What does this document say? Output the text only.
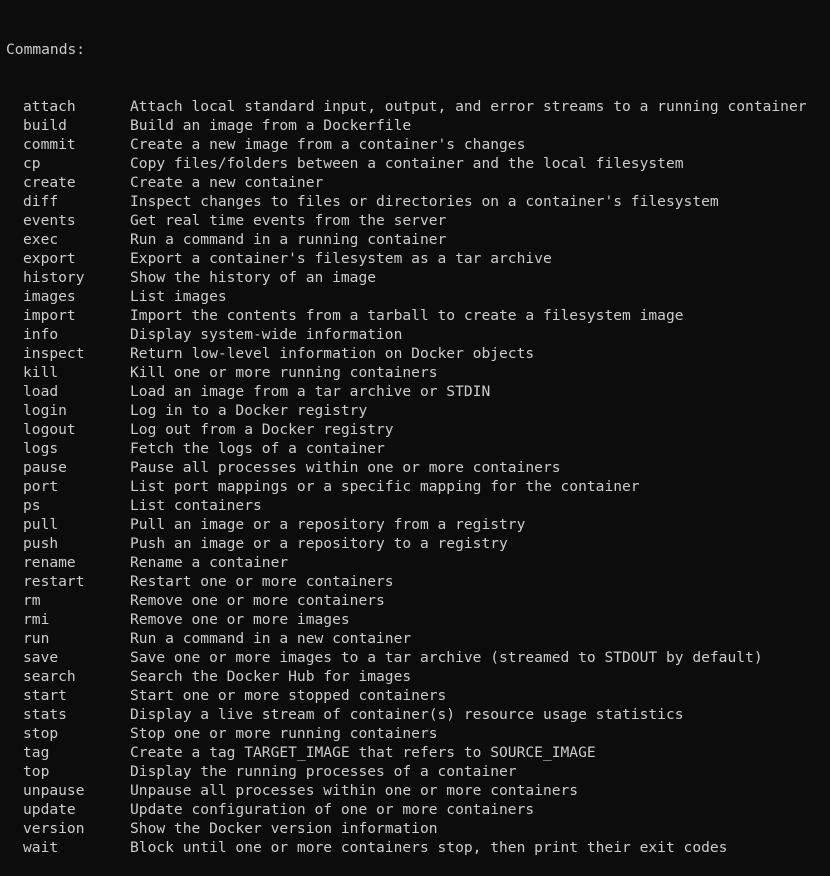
Commands:

attach	Attach local standard input, output, and error streams to a running container
build	Build an image from a Dockerfile
commit	Create a new image from a container's changes
cp	Copy files/folders between a container and the local filesystem
create	Create a new container
diff	Inspect changes to files or directories on a container's filesystem
events	Get real time events from the server
exec	Run a command in a running container
export	Export a container's filesystem as a tar archive
history	Show the history of an image
images	List images
import	Import the contents from a tarball to create a filesystem image
info	Display system-wide information
inspect	Return low-level information on Docker objects
kill	Kill one or more running containers
load	Load an image from a tar archive or STDIN
login	Log in to a Docker registry
logout	Log out from a Docker registry
logs	Fetch the logs of a container
pause	Pause all processes within one or more containers
port	List port mappings or a specific mapping for the container
ps	List containers
pull	Pull an image or a repository from a registry
push	Push an image or a repository to a registry
rename	Rename a container
restart	Restart one or more containers
rm	Remove one or more containers
rmi	Remove one or more images
run	Run a command in a new container
save	Save one or more images to a tar archive (streamed to STDOUT by default)
search	Search the Docker Hub for images
start	Start one or more stopped containers
stats	Display a live stream of container(s) resource usage statistics
stop	Stop one or more running containers
tag	Create a tag TARGET_IMAGE that refers to SOURCE_IMAGE
top	Display the running processes of a container
unpause	Unpause all processes within one or more containers
update	Update configuration of one or more containers
version	Show the Docker version information
wait	Block until one or more containers stop, then print their exit codes
